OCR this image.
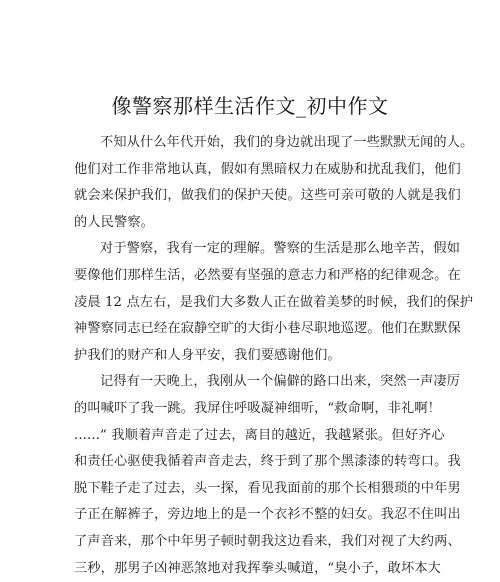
像警察那样生活作文_初中作文
不知从什么年代开始，我们的身边就出现了一些默默无闻的人。
他们对工作非常地认真，假如有黑暗权力在威胁和扰乱我们，他们
就会来保护我们，做我们的保护天使。这些可亲可敬的人就是我们
的人民警察。
对于警察，我有一定的理解。警察的生活是那么地辛苦，假如
要像他们那样生活，必然要有坚强的意志力和严格的纪律观念。在
凌晨 12 点左右，是我们大多数人正在做着美梦的时候，我们的保护
神警察同志已经在寂静空旷的大街小巷尽职地巡逻。他们在默默保
护我们的财产和人身平安，我们要感谢他们。
记得有一天晚上，我刚从一个偏僻的路口出来，突然一声凄厉
的叫喊吓了我一跳。我屏住呼吸凝神细听，“救命啊，非礼啊！
......” 我顺着声音走了过去，离目的越近，我越紧张。但好齐心
和责任心驱使我循着声音走去，终于到了那个黑漆漆的转弯口。我
脱下鞋子走了过去，头一探，看见我面前的那个长相猥琐的中年男
子正在解裤子，旁边地上的是一个衣衫不整的妇女。我忍不住叫出
了声音来，那个中年男子顿时朝我这边看来，我们对视了大约两、
三秒，那男子凶神恶煞地对我挥拳头喊道，“臭小子，敢坏本大
